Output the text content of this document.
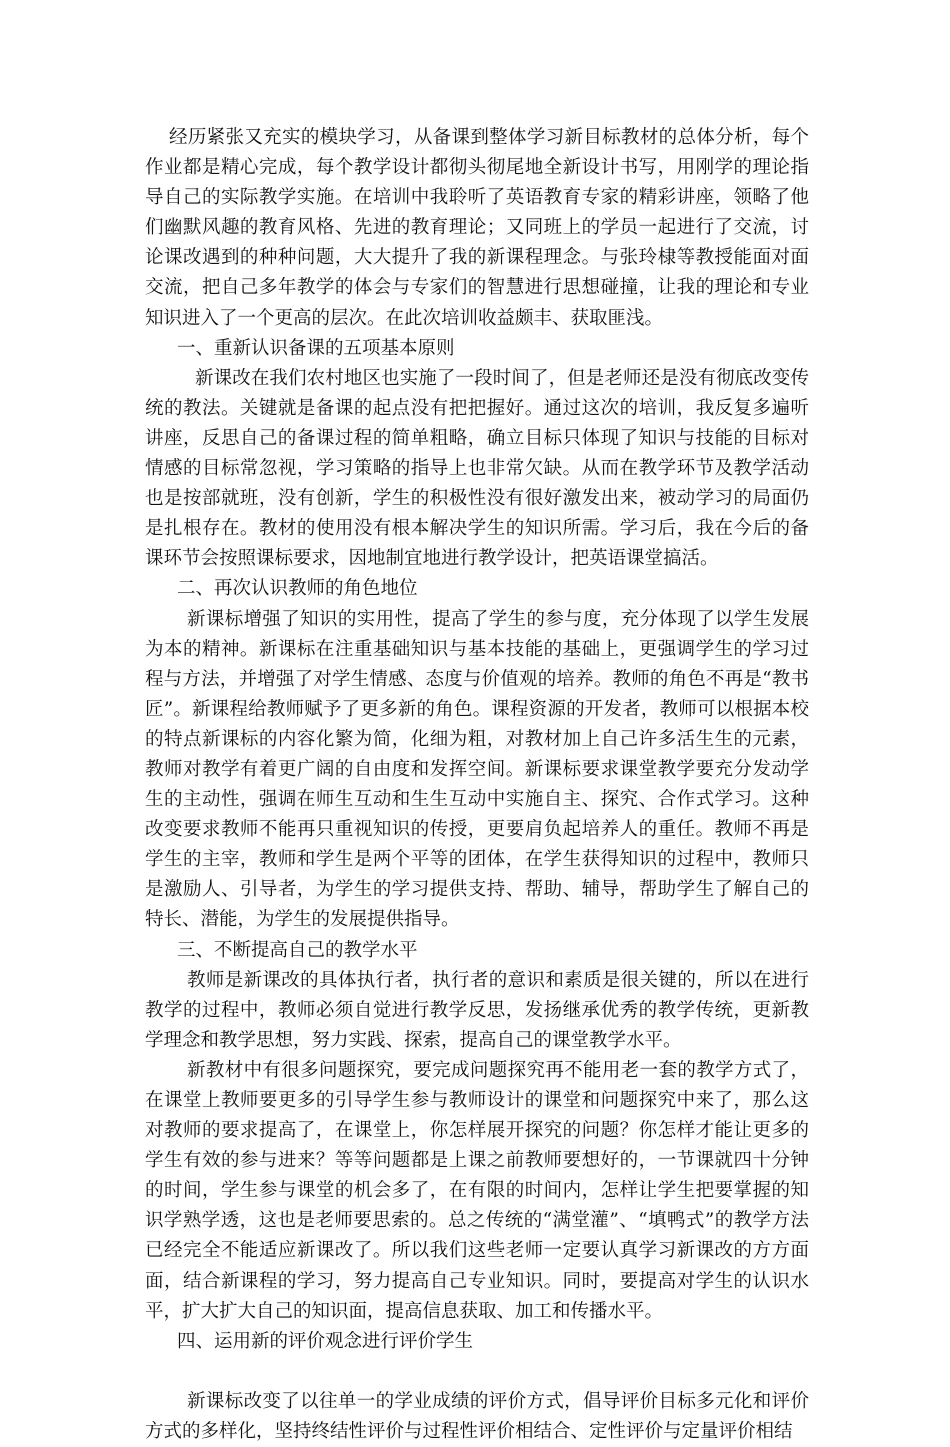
经历紧张又充实的模块学习，从备课到整体学习新目标教材的总体分析，每个作业都是精心完成，每个教学设计都彻头彻尾地全新设计书写，用刚学的理论指导自己的实际教学实施。在培训中我聆听了英语教育专家的精彩讲座，领略了他们幽默风趣的教育风格、先进的教育理论；又同班上的学员一起进行了交流，讨论课改遇到的种种问题，大大提升了我的新课程理念。与张玲棣等教授能面对面交流，把自己多年教学的体会与专家们的智慧进行思想碰撞，让我的理论和专业知识进入了一个更高的层次。在此次培训收益颇丰、获取匪浅。

一、重新认识备课的五项基本原则

新课改在我们农村地区也实施了一段时间了，但是老师还是没有彻底改变传统的教法。关键就是备课的起点没有把把握好。通过这次的培训，我反复多遍听讲座，反思自己的备课过程的简单粗略，确立目标只体现了知识与技能的目标对情感的目标常忽视，学习策略的指导上也非常欠缺。从而在教学环节及教学活动也是按部就班，没有创新，学生的积极性没有很好激发出来，被动学习的局面仍是扎根存在。教材的使用没有根本解决学生的知识所需。学习后，我在今后的备课环节会按照课标要求，因地制宜地进行教学设计，把英语课堂搞活。

二、再次认识教师的角色地位

新课标增强了知识的实用性，提高了学生的参与度，充分体现了以学生发展为本的精神。新课标在注重基础知识与基本技能的基础上，更强调学生的学习过程与方法，并增强了对学生情感、态度与价值观的培养。教师的角色不再是“教书匠”。新课程给教师赋予了更多新的角色。课程资源的开发者，教师可以根据本校的特点新课标的内容化繁为简，化细为粗，对教材加上自己许多活生生的元素，教师对教学有着更广阔的自由度和发挥空间。新课标要求课堂教学要充分发动学生的主动性，强调在师生互动和生生互动中实施自主、探究、合作式学习。这种改变要求教师不能再只重视知识的传授，更要肩负起培养人的重任。教师不再是学生的主宰，教师和学生是两个平等的团体，在学生获得知识的过程中，教师只是激励人、引导者，为学生的学习提供支持、帮助、辅导，帮助学生了解自己的特长、潜能，为学生的发展提供指导。

三、不断提高自己的教学水平

教师是新课改的具体执行者，执行者的意识和素质是很关键的，所以在进行教学的过程中，教师必须自觉进行教学反思，发扬继承优秀的教学传统，更新教学理念和教学思想，努力实践、探索，提高自己的课堂教学水平。

新教材中有很多问题探究，要完成问题探究再不能用老一套的教学方式了，在课堂上教师要更多的引导学生参与教师设计的课堂和问题探究中来了，那么这对教师的要求提高了，在课堂上，你怎样展开探究的问题？你怎样才能让更多的学生有效的参与进来？等等问题都是上课之前教师要想好的，一节课就四十分钟的时间，学生参与课堂的机会多了，在有限的时间内，怎样让学生把要掌握的知识学熟学透，这也是老师要思索的。总之传统的“满堂灌”、“填鸭式”的教学方法已经完全不能适应新课改了。所以我们这些老师一定要认真学习新课改的方方面面，结合新课程的学习，努力提高自己专业知识。同时，要提高对学生的认识水平，扩大扩大自己的知识面，提高信息获取、加工和传播水平。

四、运用新的评价观念进行评价学生

新课标改变了以往单一的学业成绩的评价方式，倡导评价目标多元化和评价方式的多样化，坚持终结性评价与过程性评价相结合、定性评价与定量评价相结
